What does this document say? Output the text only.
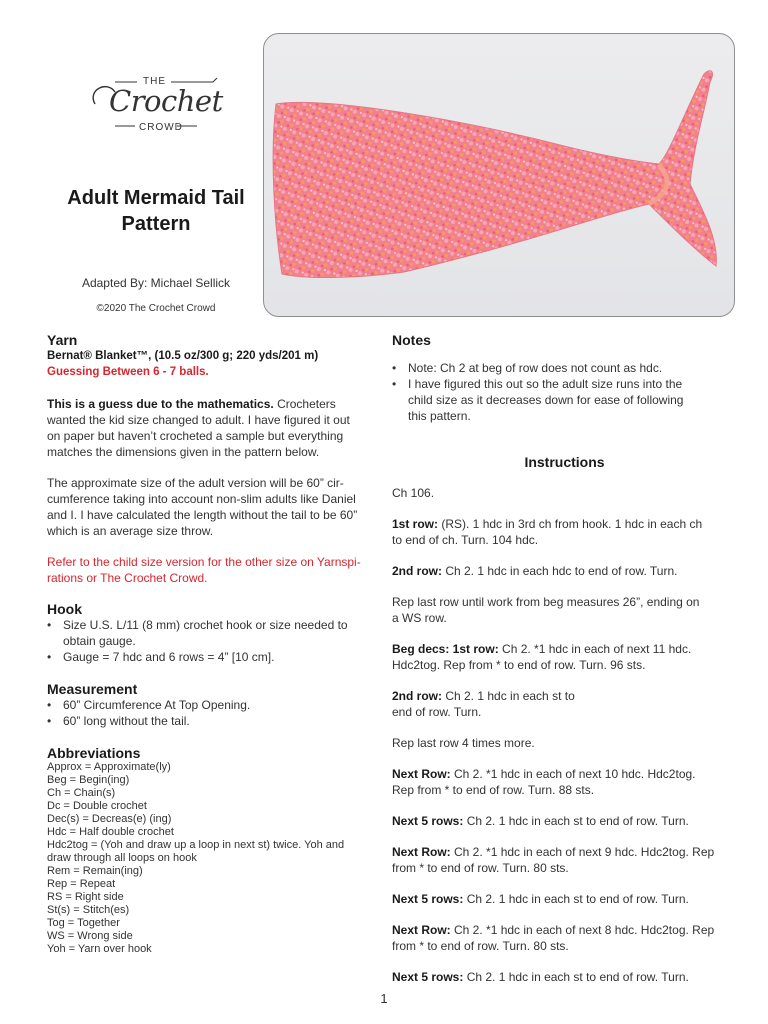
THE
Crochet
CROWD
Adult Mermaid Tail
Pattern
Adapted By: Michael Sellick
©2020 The Crochet Crowd
Yarn
Bernat® Blanket™, (10.5 oz/300 g; 220 yds/201 m)
Guessing Between 6 - 7 balls.
This is a guess due to the mathematics. Crocheters
wanted the kid size changed to adult. I have figured it out
on paper but haven’t crocheted a sample but everything
matches the dimensions given in the pattern below.
The approximate size of the adult version will be 60” cir-
cumference taking into account non-slim adults like Daniel
and I. I have calculated the length without the tail to be 60”
which is an average size throw.
Refer to the child size version for the other size on Yarnspi-
rations or The Crochet Crowd.
Hook
• Size U.S. L/11 (8 mm) crochet hook or size needed to
obtain gauge.
• Gauge = 7 hdc and 6 rows = 4” [10 cm].
Measurement
• 60” Circumference At Top Opening.
• 60” long without the tail.
Abbreviations
Approx = Approximate(ly)
Beg = Begin(ing)
Ch = Chain(s)
Dc = Double crochet
Dec(s) = Decreas(e) (ing)
Hdc = Half double crochet
Hdc2tog = (Yoh and draw up a loop in next st) twice. Yoh and
draw through all loops on hook
Rem = Remain(ing)
Rep = Repeat
RS = Right side
St(s) = Stitch(es)
Tog = Together
WS = Wrong side
Yoh = Yarn over hook
Notes
• Note: Ch 2 at beg of row does not count as hdc.
• I have figured this out so the adult size runs into the
child size as it decreases down for ease of following
this pattern.
Instructions
Ch 106.
1st row: (RS). 1 hdc in 3rd ch from hook. 1 hdc in each ch
to end of ch. Turn. 104 hdc.
2nd row: Ch 2. 1 hdc in each hdc to end of row. Turn.
Rep last row until work from beg measures 26”, ending on
a WS row.
Beg decs: 1st row: Ch 2. *1 hdc in each of next 11 hdc.
Hdc2tog. Rep from * to end of row. Turn. 96 sts.
2nd row: Ch 2. 1 hdc in each st to
end of row. Turn.
Rep last row 4 times more.
Next Row: Ch 2. *1 hdc in each of next 10 hdc. Hdc2tog.
Rep from * to end of row. Turn. 88 sts.
Next 5 rows: Ch 2. 1 hdc in each st to end of row. Turn.
Next Row: Ch 2. *1 hdc in each of next 9 hdc. Hdc2tog. Rep
from * to end of row. Turn. 80 sts.
Next 5 rows: Ch 2. 1 hdc in each st to end of row. Turn.
Next Row: Ch 2. *1 hdc in each of next 8 hdc. Hdc2tog. Rep
from * to end of row. Turn. 80 sts.
Next 5 rows: Ch 2. 1 hdc in each st to end of row. Turn.
1
